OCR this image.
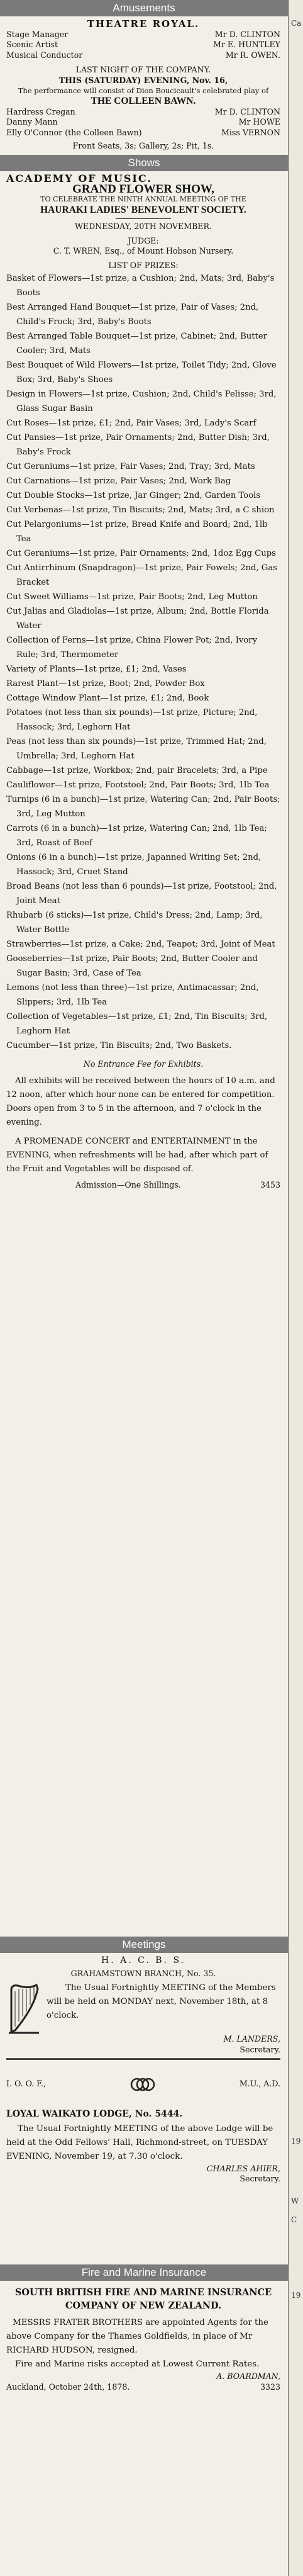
Amusements
THEATRE ROYAL.
Stage Manager	Mr D. CLINTON
Scenic Artist	Mr E. HUNTLEY
Musical Conductor	Mr R. OWEN.
LAST NIGHT OF THE COMPANY.
THIS (SATURDAY) EVENING, Nov. 16,
The performance will consist of Dion Boucicault's celebrated play of
THE COLLEEN BAWN.
Hardress Cregan	Mr D. CLINTON
Danny Mann	Mr HOWE
Elly O'Connor (the Colleen Bawn)	Miss VERNON
Front Seats, 3s; Gallery, 2s; Pit, 1s.
Shows
ACADEMY OF MUSIC.
GRAND FLOWER SHOW,
TO CELEBRATE THE NINTH ANNUAL MEETING OF THE
HAURAKI LADIES' BENEVOLENT SOCIETY.
WEDNESDAY, 20TH NOVEMBER.
JUDGE:
C. T. WREN, Esq., of Mount Hobson Nursery.
LIST OF PRIZES:
Basket of Flowers—1st prize, a Cushion; 2nd, Mats; 3rd, Baby's Boots
Best Arranged Hand Bouquet—1st prize, Pair of Vases; 2nd, Child's Frock; 3rd, Baby's Boots
Best Arranged Table Bouquet—1st prize, Cabinet; 2nd, Butter Cooler; 3rd, Mats
Best Bouquet of Wild Flowers—1st prize, Toilet Tidy; 2nd, Glove Box; 3rd, Baby's Shoes
Design in Flowers—1st prize, Cushion; 2nd, Child's Pelisse; 3rd, Glass Sugar Basin
Cut Roses—1st prize, £1; 2nd, Pair Vases; 3rd, Lady's Scarf
Cut Pansies—1st prize, Pair Ornaments; 2nd, Butter Dish; 3rd, Baby's Frock
Cut Geraniums—1st prize, Fair Vases; 2nd, Tray; 3rd, Mats
Cut Carnations—1st prize, Pair Vases; 2nd, Work Bag
Cut Double Stocks—1st prize, Jar Ginger; 2nd, Garden Tools
Cut Verbenas—1st prize, Tin Biscuits; 2nd, Mats; 3rd, a C shion
Cut Pelargoniums—1st prize, Bread Knife and Board; 2nd, 1lb Tea
Cut Geraniums—1st prize, Pair Ornaments; 2nd, 1doz Egg Cups
Cut Antirrhinum (Snapdragon)—1st prize, Pair Fowels; 2nd, Gas Bracket
Cut Sweet Williams—1st prize, Pair Boots; 2nd, Leg Mutton
Cut Jalias and Gladiolas—1st prize, Album; 2nd, Bottle Florida Water
Collection of Ferns—1st prize, China Flower Pot; 2nd, Ivory Rule; 3rd, Thermometer
Variety of Plants—1st prize, £1; 2nd, Vases
Rarest Plant—1st prize, Boot; 2nd, Powder Box
Cottage Window Plant—1st prize, £1; 2nd, Book
Potatoes (not less than six pounds)—1st prize, Picture; 2nd, Hassock; 3rd, Leghorn Hat
Peas (not less than six pounds)—1st prize, Trimmed Hat; 2nd, Umbrella; 3rd, Leghorn Hat
Cabbage—1st prize, Workbox; 2nd, pair Bracelets; 3rd, a Pipe
Cauliflower—1st prize, Footstool; 2nd, Pair Boots; 3rd, 1lb Tea
Turnips (6 in a bunch)—1st prize, Watering Can; 2nd, Pair Boots; 3rd, Leg Mutton
Carrots (6 in a bunch)—1st prize, Watering Can; 2nd, 1lb Tea; 3rd, Roast of Beef
Onions (6 in a bunch)—1st prize, Japanned Writing Set; 2nd, Hassock; 3rd, Cruet Stand
Broad Beans (not less than 6 pounds)—1st prize, Footstool; 2nd, Joint Meat
Rhubarb (6 sticks)—1st prize, Child's Dress; 2nd, Lamp; 3rd, Water Bottle
Strawberries—1st prize, a Cake; 2nd, Teapot; 3rd, Joint of Meat
Gooseberries—1st prize, Pair Boots; 2nd, Butter Cooler and Sugar Basin; 3rd, Case of Tea
Lemons (not less than three)—1st prize, Antimacassar; 2nd, Slippers; 3rd, 1lb Tea
Collection of Vegetables—1st prize, £1; 2nd, Tin Biscuits; 3rd, Leghorn Hat
Cucumber—1st prize, Tin Biscuits; 2nd, Two Baskets.
No Entrance Fee for Exhibits.
All exhibits will be received between the hours of 10 a.m. and 12 noon, after which hour none can be entered for competition. Doors open from 3 to 5 in the afternoon, and 7 o'clock in the evening.
A PROMENADE CONCERT and ENTERTAINMENT in the EVENING, when refreshments will be had, after which part of the Fruit and Vegetables will be disposed of.
Admission—One Shillings.	3453
Meetings
H. A. C. B. S.
GRAHAMSTOWN BRANCH, No. 35.
The Usual Fortnightly MEETING of the Members will be held on MONDAY next, November 18th, at 8 o'clock.
M. LANDERS,
Secretary.
I. O. O. F.,	M.U., A.D.
LOYAL WAIKATO LODGE, No. 5444.
The Usual Fortnightly MEETING of the above Lodge will be held at the Odd Fellows' Hall, Richmond-street, on TUESDAY EVENING, November 19, at 7.30 o'clock.
CHARLES AHIER,
Secretary.
Fire and Marine Insurance
SOUTH BRITISH FIRE AND MARINE INSURANCE COMPANY OF NEW ZEALAND.
MESSRS FRATER BROTHERS are appointed Agents for the above Company for the Thames Goldfields, in place of Mr RICHARD HUDSON, resigned.
Fire and Marine risks accepted at Lowest Current Rates.
A. BOARDMAN,
Auckland, October 24th, 1878.	3323
Ca
19
W
C
19
